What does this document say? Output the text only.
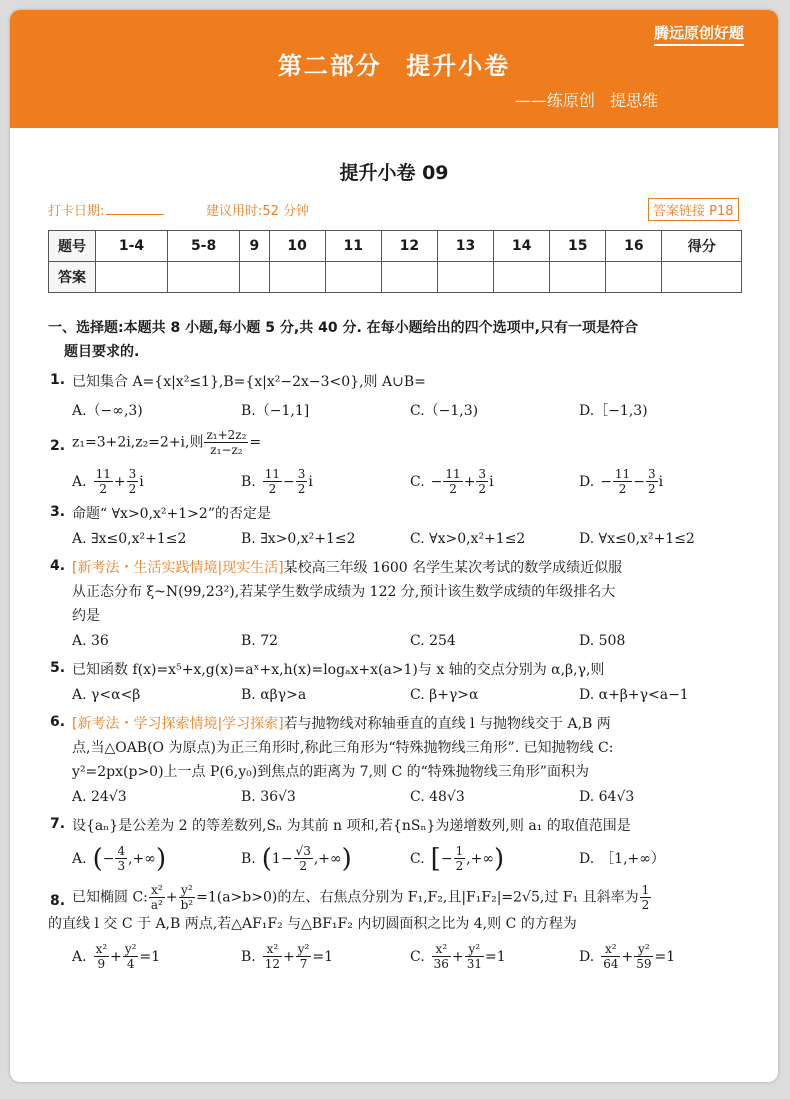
腾远原创好题
第二部分 提升小卷
——练原创 提思维
提升小卷 09
打卡日期:	建议用时:52 分钟	答案链接 P18
题号	1-4	5-8	9	10	11	12	13	14	15	16	得分
答案											
一、选择题:本题共 8 小题,每小题 5 分,共 40 分. 在每小题给出的四个选项中,只有一项是符合
题目要求的.
1. 已知集合 A={x|x²≤1},B={x|x²−2x−3<0},则 A∪B=
A.（−∞,3)	B.（−1,1]	C.（−1,3)	D.［−1,3)
2. z₁=3+2i,z₂=2+i,则 $\frac{\text{z₁+2z₂}}{\text{z₁−z₂}}$ =
A. $\frac{11}{2} + \frac{3}{2}$ i	B. $\frac{11}{2} - \frac{3}{2}$ i	C. − $\frac{11}{2} + \frac{3}{2}$ i	D. − $\frac{11}{2} - \frac{3}{2}$ i
3. 命题“ ∀x>0,x²+1>2”的否定是
A. ∃x≤0,x²+1≤2	B. ∃x>0,x²+1≤2	C. ∀x>0,x²+1≤2	D. ∀x≤0,x²+1≤2
4. [新考法・生活实践情境|现实生活]某校高三年级 1600 名学生某次考试的数学成绩近似服
从正态分布 ξ~N(99,23²),若某学生数学成绩为 122 分,预计该生数学成绩的年级排名大
约是
A. 36	B. 72	C. 254	D. 508
5. 已知函数 f(x)=x⁵+x,g(x)=aˣ+x,h(x)=logₐx+x(a>1)与 x 轴的交点分别为 α,β,γ,则
A. γ<α<β	B. αβγ>a	C. β+γ>α	D. α+β+γ<a−1
6. [新考法・学习探索情境|学习探索]若与抛物线对称轴垂直的直线 l 与抛物线交于 A,B 两
点,当△OAB(O 为原点)为正三角形时,称此三角形为“特殊抛物线三角形”. 已知抛物线 C:
y²=2px(p>0)上一点 P(6,y₀)到焦点的距离为 7,则 C 的“特殊抛物线三角形”面积为
A. 24√3	B. 36√3	C. 48√3	D. 64√3
7. 设{aₙ}是公差为 2 的等差数列,Sₙ 为其前 n 项和,若{nSₙ}为递增数列,则 a₁ 的取值范围是
A. ( − $\frac{4}{3}$ ,+∞ )	B. ( $1- \frac{√3}{2}$ ,+∞ )	C. [ − $\frac{1}{2}$ ,+∞ )	D. ［1,+∞）
8. 已知椭圆 C: $\frac{\text{x²}}{\text{a²}} + \frac{\text{y²}}{\text{b²}} =1(a>b>0)$的左、右焦点分别为 F₁,F₂,且|F₁F₂|=2√5,过 F₁ 且斜率为 $\frac{1}{2}$
的直线 l 交 C 于 A,B 两点,若△AF₁F₂ 与△BF₁F₂ 内切圆面积之比为 4,则 C 的方程为
A. $\frac{\text{x²}}{9} + \frac{\text{y²}}{4} =1$	B. $\frac{\text{x²}}{12} + \frac{\text{y²}}{7} =1$	C. $\frac{\text{x²}}{36} + \frac{\text{y²}}{31} =1$	D. $\frac{\text{x²}}{64} + \frac{\text{y²}}{59} =1$
